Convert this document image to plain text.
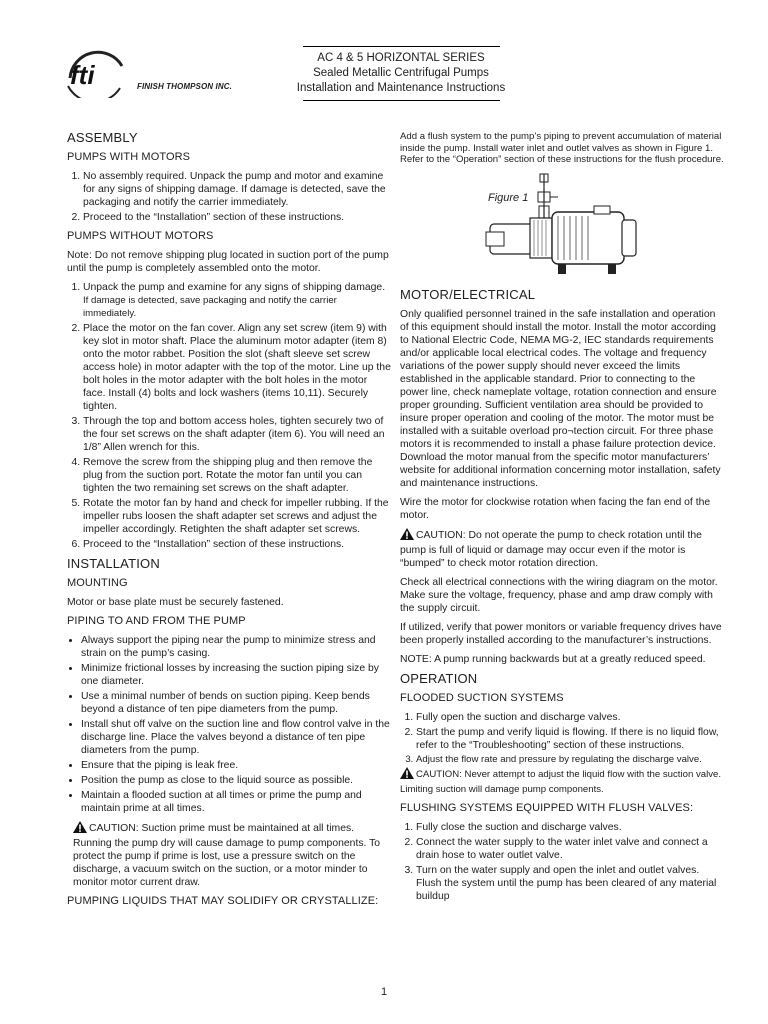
fti	FINISH THOMPSON INC.
AC 4 & 5 HORIZONTAL SERIES
Sealed Metallic Centrifugal Pumps
Installation and Maintenance Instructions
ASSEMBLY
PUMPS WITH MOTORS
1. No assembly required. Unpack the pump and motor and examine for any signs of shipping damage. If damage is detected, save the packaging and notify the carrier immediately.
2. Proceed to the “Installation” section of these instructions.
PUMPS WITHOUT MOTORS

Note: Do not remove shipping plug located in suction port of the pump until the pump is completely assembled onto the motor.

1. Unpack the pump and examine for any signs of shipping damage. If damage is detected, save packaging and notify the carrier immediately.
2. Place the motor on the fan cover. Align any set screw (item 9) with key slot in motor shaft. Place the aluminum motor adapter (item 8) onto the motor rabbet. Position the slot (shaft sleeve set screw access hole) in motor adapter with the top of the motor. Line up the bolt holes in the motor adapter with the bolt holes in the motor face. Install (4) bolts and lock washers (items 10,11). Securely tighten.
3. Through the top and bottom access holes, tighten securely two of the four set screws on the shaft adapter (item 6). You will need an 1/8” Allen wrench for this.
4. Remove the screw from the shipping plug and then remove the plug from the suction port. Rotate the motor fan until you can tighten the two remaining set screws on the shaft adapter.
5. Rotate the motor fan by hand and check for impeller rubbing. If the impeller rubs loosen the shaft adapter set screws and adjust the impeller accordingly. Retighten the shaft adapter set screws.
6. Proceed to the “Installation” section of these instructions.
INSTALLATION
MOUNTING

Motor or base plate must be securely fastened.

PIPING TO AND FROM THE PUMP
• Always support the piping near the pump to minimize stress and strain on the pump’s casing.
• Minimize frictional losses by increasing the suction piping size by one diameter.
• Use a minimal number of bends on suction piping. Keep bends beyond a distance of ten pipe diameters from the pump.
• Install shut off valve on the suction line and flow control valve in the discharge line. Place the valves beyond a distance of ten pipe diameters from the pump.
• Ensure that the piping is leak free.
• Position the pump as close to the liquid source as possible.
• Maintain a flooded suction at all times or prime the pump and maintain prime at all times.

CAUTION: Suction prime must be maintained at all times. Running the pump dry will cause damage to pump components. To protect the pump if prime is lost, use a pressure switch on the discharge, a vacuum switch on the suction, or a motor minder to monitor motor current draw.

PUMPING LIQUIDS THAT MAY SOLIDIFY OR CRYSTALLIZE:

Add a flush system to the pump’s piping to prevent accumulation of material inside the pump. Install water inlet and outlet valves as shown in Figure 1. Refer to the “Operation” section of these instructions for the flush procedure.

Figure 1
MOTOR/ELECTRICAL

Only qualified personnel trained in the safe installation and operation of this equipment should install the motor. Install the motor according to National Electric Code, NEMA MG-2, IEC standards requirements and/or applicable local electrical codes. The voltage and frequency variations of the power supply should never exceed the limits established in the applicable standard. Prior to connecting to the power line, check nameplate voltage, rotation connection and ensure proper grounding. Sufficient ventilation area should be provided to insure proper operation and cooling of the motor. The motor must be installed with a suitable overload pro¬tection circuit. For three phase motors it is recommended to install a phase failure protection device. Download the motor manual from the specific motor manufacturers’ website for additional information concerning motor installation, safety and maintenance instructions.

Wire the motor for clockwise rotation when facing the fan end of the motor.

CAUTION: Do not operate the pump to check rotation until the pump is full of liquid or damage may occur even if the motor is “bumped” to check motor rotation direction.

Check all electrical connections with the wiring diagram on the motor. Make sure the voltage, frequency, phase and amp draw comply with the supply circuit.

If utilized, verify that power monitors or variable frequency drives have been properly installed according to the manufacturer’s instructions.

NOTE: A pump running backwards but at a greatly reduced speed.

OPERATION
FLOODED SUCTION SYSTEMS
1. Fully open the suction and discharge valves.
2. Start the pump and verify liquid is flowing. If there is no liquid flow, refer to the “Troubleshooting” section of these instructions.
3. Adjust the flow rate and pressure by regulating the discharge valve.

CAUTION: Never attempt to adjust the liquid flow with the suction valve. Limiting suction will damage pump components.

FLUSHING SYSTEMS EQUIPPED WITH FLUSH VALVES:
1. Fully close the suction and discharge valves.
2. Connect the water supply to the water inlet valve and connect a drain hose to water outlet valve.
3. Turn on the water supply and open the inlet and outlet valves. Flush the system until the pump has been cleared of any material buildup
1
